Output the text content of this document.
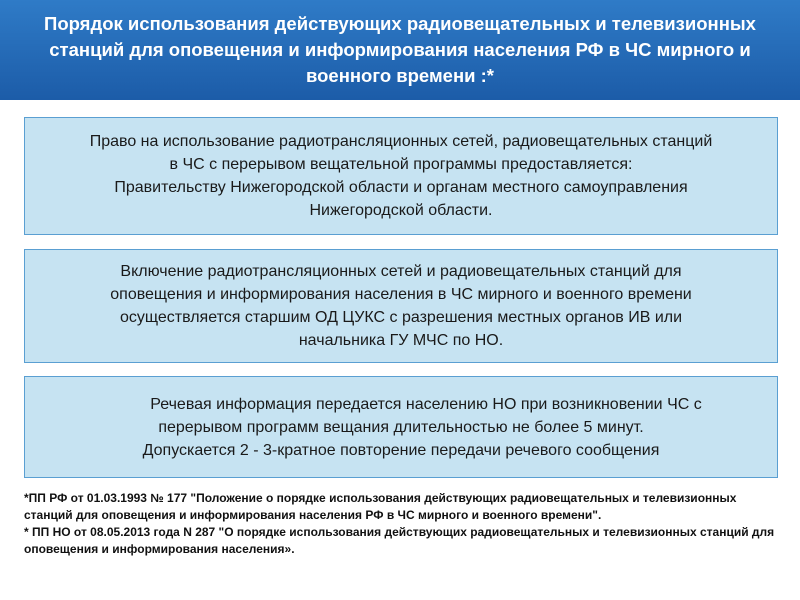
Порядок использования действующих радиовещательных и телевизионных станций для оповещения и информирования населения РФ в ЧС мирного и военного времени :*

Право на использование радиотрансляционных сетей, радиовещательных станций

в ЧС с перерывом вещательной программы предоставляется:

Правительству Нижегородской области и органам местного самоуправления

Нижегородской области.

Включение радиотрансляционных сетей и радиовещательных станций для

оповещения и информирования населения в ЧС мирного и военного времени

осуществляется старшим ОД ЦУКС с разрешения местных органов ИВ или

начальника ГУ МЧС по НО.

Речевая информация передается населению НО при возникновении ЧС с

перерывом программ вещания длительностью не более 5 минут.

Допускается 2 - 3-кратное повторение передачи речевого сообщения

*ПП РФ от 01.03.1993 № 177 "Положение о порядке использования действующих радиовещательных и телевизионных станций для оповещения и информирования населения РФ в ЧС мирного и военного времени".

* ПП НО от 08.05.2013 года N 287 "О порядке использования действующих радиовещательных и телевизионных станций для оповещения и информирования населения».
